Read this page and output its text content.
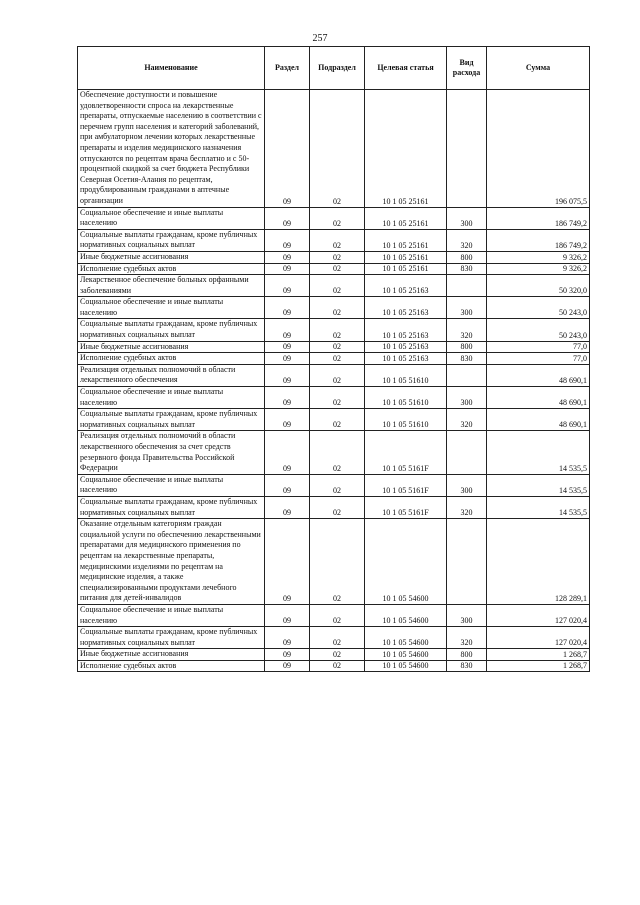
257
Наименование	Раздел	Подраздел	Целевая статья	Вид расхода	Сумма
Обеспечение доступности и повышение удовлетворенности спроса на лекарственные препараты, отпускаемые населению в соответствии с перечнем групп населения и категорий заболеваний, при амбулаторном лечении которых лекарственные препараты и изделия медицинского назначения отпускаются по рецептам врача бесплатно и с 50-процентной скидкой за счет бюджета Республики Северная Осетия-Алания по рецептам, продублированным гражданами в аптечные организации	09	02	10 1 05 25161		196 075,5
Социальное обеспечение и иные выплаты населению	09	02	10 1 05 25161	300	186 749,2
Социальные выплаты гражданам, кроме публичных нормативных социальных выплат	09	02	10 1 05 25161	320	186 749,2
Иные бюджетные ассигнования	09	02	10 1 05 25161	800	9 326,2
Исполнение судебных актов	09	02	10 1 05 25161	830	9 326,2
Лекарственное обеспечение больных орфанными заболеваниями	09	02	10 1 05 25163		50 320,0
Социальное обеспечение и иные выплаты населению	09	02	10 1 05 25163	300	50 243,0
Социальные выплаты гражданам, кроме публичных нормативных социальных выплат	09	02	10 1 05 25163	320	50 243,0
Иные бюджетные ассигнования	09	02	10 1 05 25163	800	77,0
Исполнение судебных актов	09	02	10 1 05 25163	830	77,0
Реализация отдельных полномочий в области лекарственного обеспечения	09	02	10 1 05 51610		48 690,1
Социальное обеспечение и иные выплаты населению	09	02	10 1 05 51610	300	48 690,1
Социальные выплаты гражданам, кроме публичных нормативных социальных выплат	09	02	10 1 05 51610	320	48 690,1
Реализация отдельных полномочий в области лекарственного обеспечения за счет средств резервного фонда Правительства Российской Федерации	09	02	10 1 05 5161F		14 535,5
Социальное обеспечение и иные выплаты населению	09	02	10 1 05 5161F	300	14 535,5
Социальные выплаты гражданам, кроме публичных нормативных социальных выплат	09	02	10 1 05 5161F	320	14 535,5
Оказание отдельным категориям граждан социальной услуги по обеспечению лекарственными препаратами для медицинского применения по рецептам на лекарственные препараты, медицинскими изделиями по рецептам на медицинские изделия, а также специализированными продуктами лечебного питания для детей-инвалидов	09	02	10 1 05 54600		128 289,1
Социальное обеспечение и иные выплаты населению	09	02	10 1 05 54600	300	127 020,4
Социальные выплаты гражданам, кроме публичных нормативных социальных выплат	09	02	10 1 05 54600	320	127 020,4
Иные бюджетные ассигнования	09	02	10 1 05 54600	800	1 268,7
Исполнение судебных актов	09	02	10 1 05 54600	830	1 268,7
